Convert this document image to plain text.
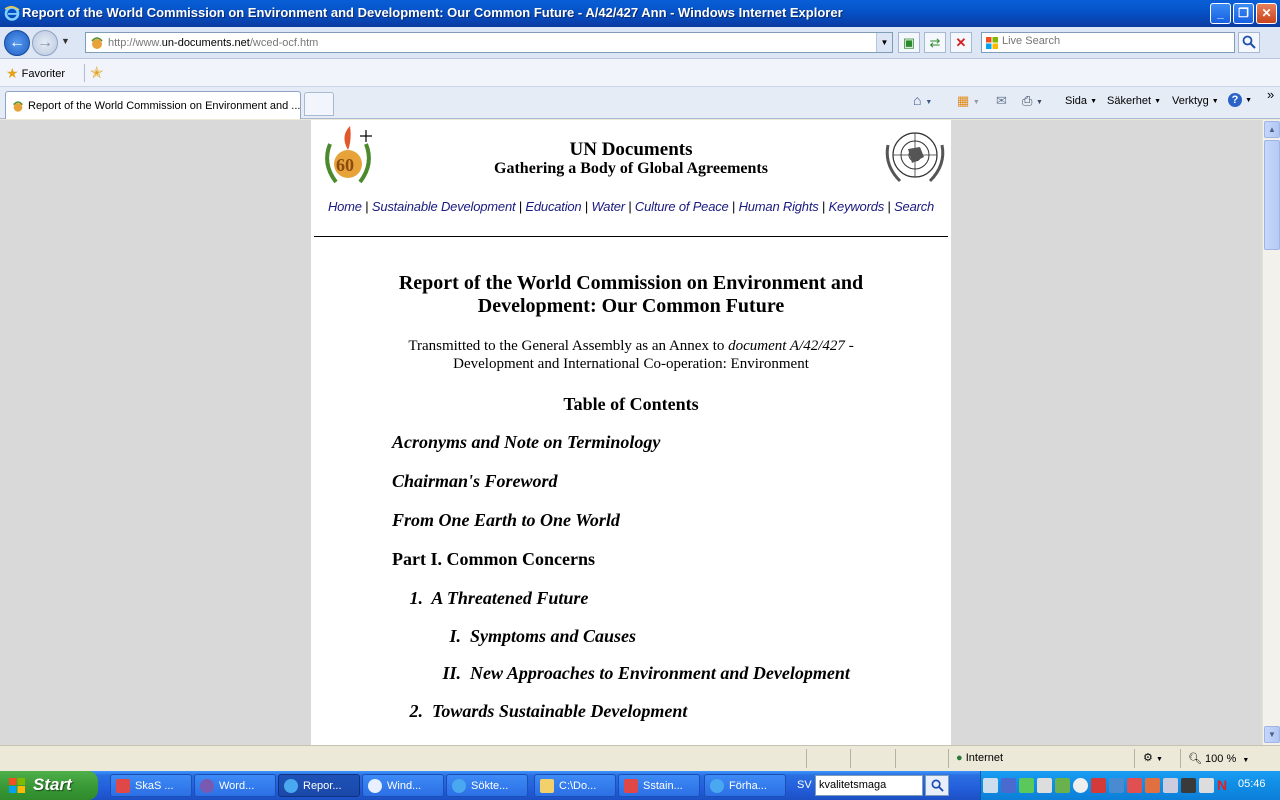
Report of the World Commission on Environment and Development: Our Common Future - A/42/427 Ann - Windows Internet Explorer	_	❐	✕
← → ▼	http://www.un-documents.net/wced-ocf.htm	▼	▣	⇄	✕
Live Search
★ Favoriter ✭
Report of the World Commission on Environment and ...	⌂ ▼ ▦ ▼ ✉ ⎙ ▼ Sida ▼ Säkerhet ▼ Verktyg ▼	? ▼ »
60
UN Documents
Gathering a Body of Global Agreements
Home | Sustainable Development | Education | Water | Culture of Peace | Human Rights | Keywords | Search
Report of the World Commission on Environment and
Development: Our Common Future
Transmitted to the General Assembly as an Annex to document A/42/427 -
Development and International Co-operation: Environment
Table of Contents
Acronyms and Note on Terminology
Chairman's Foreword
From One Earth to One World
Part I. Common Concerns
1. A Threatened Future
I. Symptoms and Causes
II. New Approaches to Environment and Development
2. Towards Sustainable Development
▲
▼
● Internet	⚙ ▼ 🔍︎ 100 % ▼
Start	SkaS ...	Word...	Repor...	Wind...	Sökte...	C:\Do...	Sstain...	Förha...	SV
kvalitetsmaga	N 05:46
